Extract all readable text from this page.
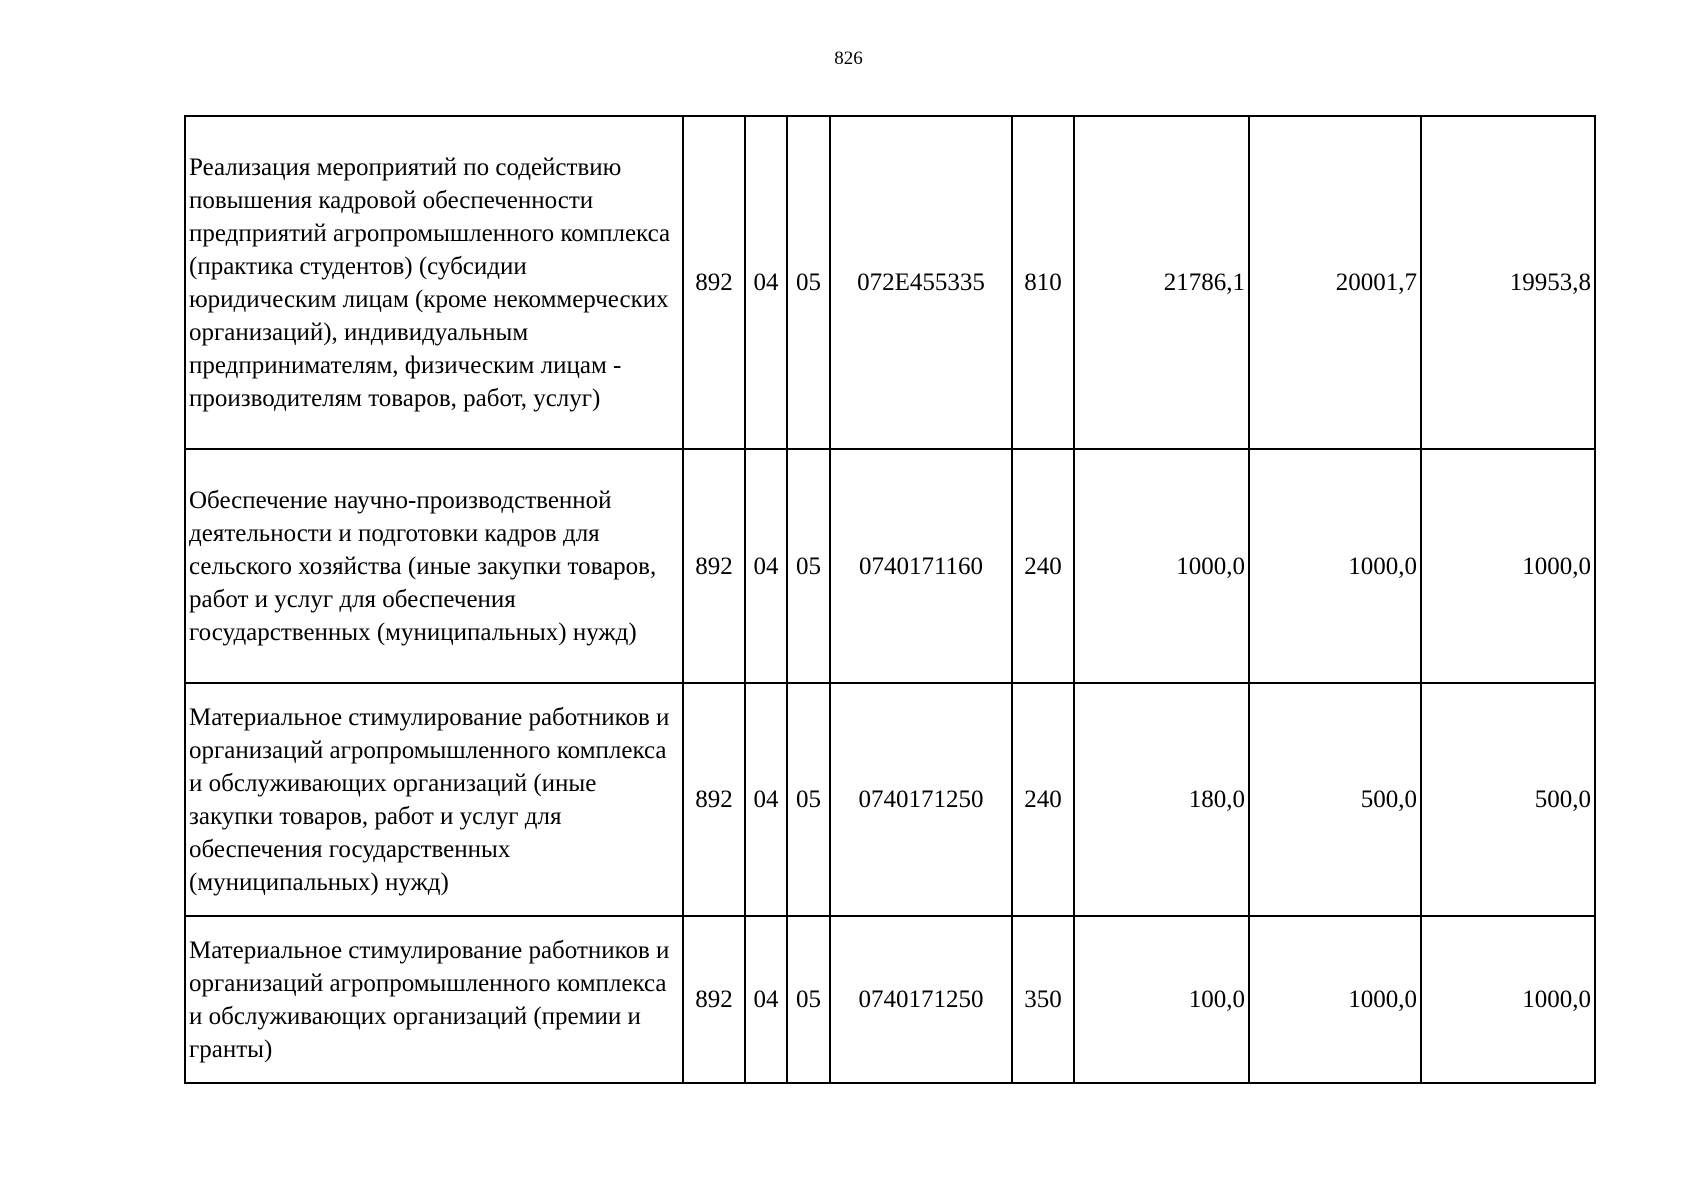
826
Реализация мероприятий по содействию повышения кадровой обеспеченности предприятий агропромышленного комплекса (практика студентов) (субсидии юридическим лицам (кроме некоммерческих организаций), индивидуальным предпринимателям, физическим лицам - производителям товаров, работ, услуг)	892	04	05	072E455335	810	21786,1	20001,7	19953,8
Обеспечение научно-производственной деятельности и подготовки кадров для сельского хозяйства (иные закупки товаров, работ и услуг для обеспечения государственных (муниципальных) нужд)	892	04	05	0740171160	240	1000,0	1000,0	1000,0
Материальное стимулирование работников и организаций агропромышленного комплекса и обслуживающих организаций (иные закупки товаров, работ и услуг для обеспечения государственных (муниципальных) нужд)	892	04	05	0740171250	240	180,0	500,0	500,0
Материальное стимулирование работников и организаций агропромышленного комплекса и обслуживающих организаций (премии и гранты)	892	04	05	0740171250	350	100,0	1000,0	1000,0
